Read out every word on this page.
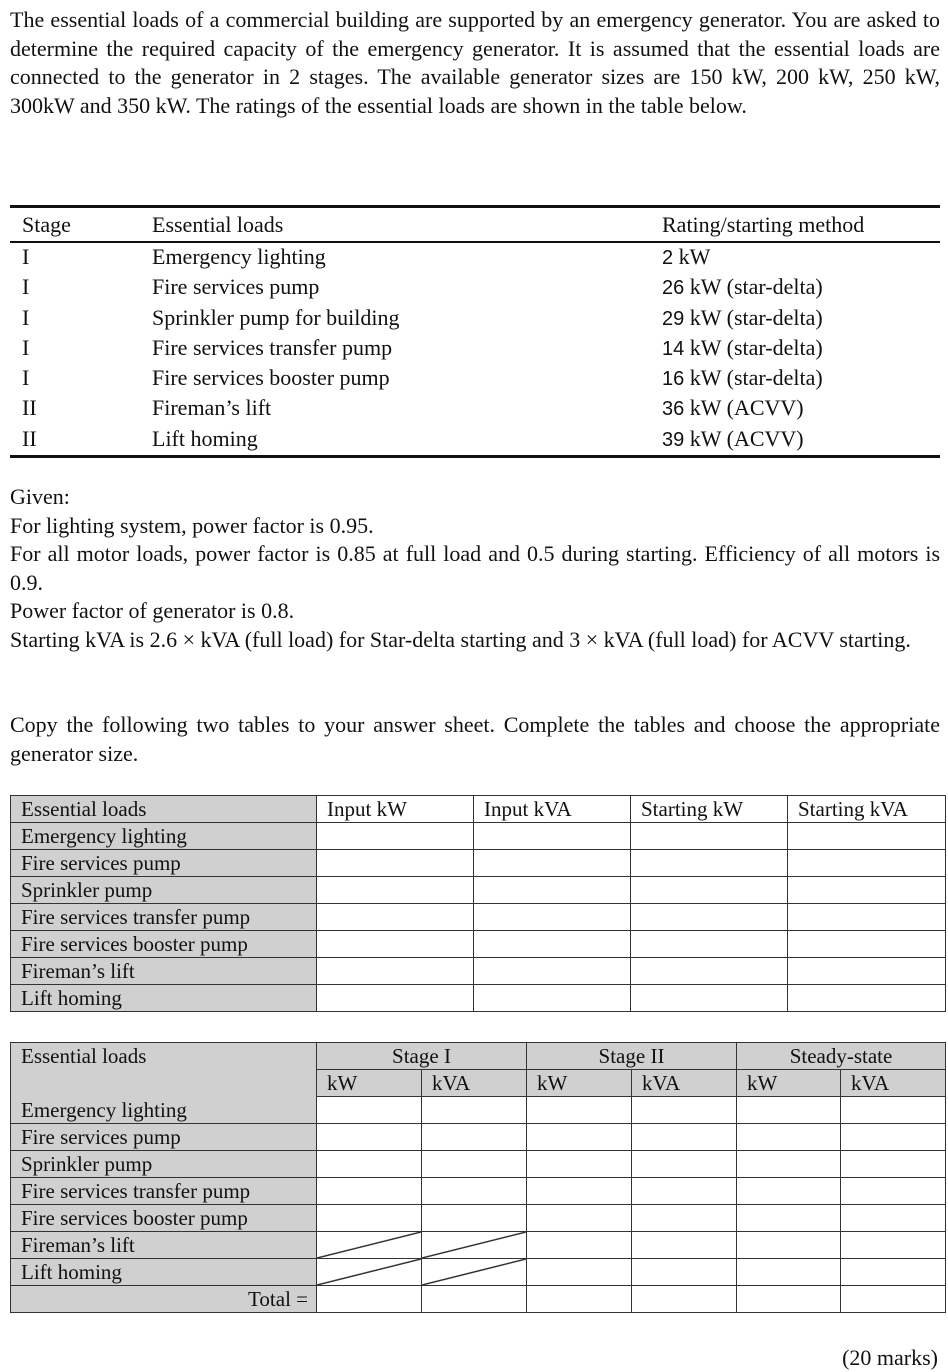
The essential loads of a commercial building are supported by an emergency generator. You are asked to determine the required capacity of the emergency generator. It is assumed that the essential loads are connected to the generator in 2 stages. The available generator sizes are 150 kW, 200 kW, 250 kW, 300kW and 350 kW. The ratings of the essential loads are shown in the table below.
Stage	Essential loads	Rating/starting method
I	Emergency lighting	2 kW
I	Fire services pump	26 kW (star-delta)
I	Sprinkler pump for building	29 kW (star-delta)
I	Fire services transfer pump	14 kW (star-delta)
I	Fire services booster pump	16 kW (star-delta)
II	Fireman’s lift	36 kW (ACVV)
II	Lift homing	39 kW (ACVV)

Given:

For lighting system, power factor is 0.95.

For all motor loads, power factor is 0.85 at full load and 0.5 during starting. Efficiency of all motors is 0.9.

Power factor of generator is 0.8.

Starting kVA is 2.6 × kVA (full load) for Star-delta starting and 3 × kVA (full load) for ACVV starting.

Copy the following two tables to your answer sheet. Complete the tables and choose the appropriate generator size.
Essential loads	Input kW	Input kVA	Starting kW	Starting kVA
Emergency lighting				
Fire services pump				
Sprinkler pump				
Fire services transfer pump				
Fire services booster pump				
Fireman’s lift				
Lift homing				
Essential loads	Stage I		Stage II		Steady-state	
	kW	kVA	kW	kVA	kW	kVA
Emergency lighting						
Fire services pump						
Sprinkler pump						
Fire services transfer pump						
Fire services booster pump						
Fireman’s lift	

Lift homing	

Total =						
(20 marks)
